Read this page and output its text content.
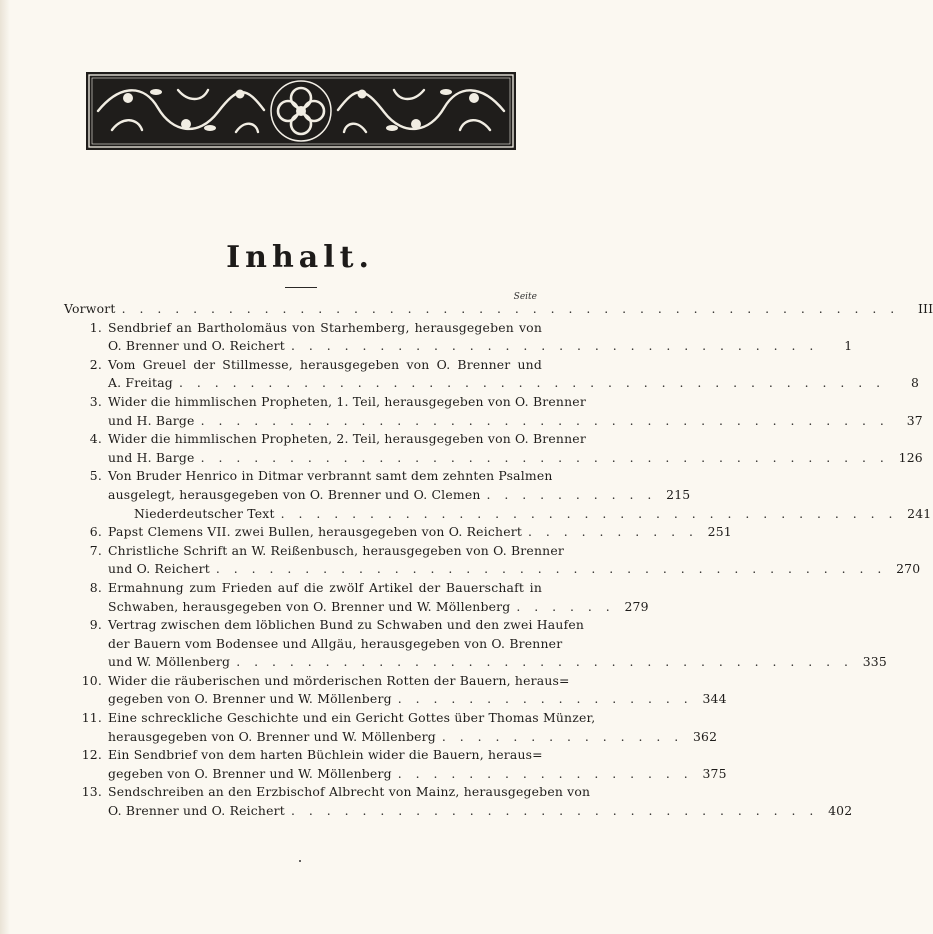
Inhalt.
Seite
Vorwort . . . . . . . . . . . . . . . . . . . . . . . . . . . . . . . . . . . . . . . . . . . .	III
1. Sendbrief an Bartholomäus von Starhemberg, herausgegeben von
O. Brenner und O. Reichert . . . . . . . . . . . . . . . . . . . . . . . . . . . . . .	1
2. Vom Greuel der Stillmesse, herausgegeben von O. Brenner und
A. Freitag . . . . . . . . . . . . . . . . . . . . . . . . . . . . . . . . . . . . . . . .	8
3. Wider die himmlischen Propheten, 1. Teil, herausgegeben von O. Brenner
und H. Barge . . . . . . . . . . . . . . . . . . . . . . . . . . . . . . . . . . . . . . .	37
4. Wider die himmlischen Propheten, 2. Teil, herausgegeben von O. Brenner
und H. Barge . . . . . . . . . . . . . . . . . . . . . . . . . . . . . . . . . . . . . . . 126
5. Von Bruder Henrico in Ditmar verbrannt samt dem zehnten Psalmen
ausgelegt, herausgegeben von O. Brenner und O. Clemen . . . . . . . . . . 215
Niederdeutscher Text . . . . . . . . . . . . . . . . . . . . . . . . . . . . . . . . . . . 241
6. Papst Clemens VII. zwei Bullen, herausgegeben von O. Reichert . . . . . . . . . . 251
7. Christliche Schrift an W. Reißenbusch, herausgegeben von O. Brenner
und O. Reichert . . . . . . . . . . . . . . . . . . . . . . . . . . . . . . . . . . . . . . 270
8. Ermahnung zum Frieden auf die zwölf Artikel der Bauerschaft in
Schwaben, herausgegeben von O. Brenner und W. Möllenberg . . . . . . 279
9. Vertrag zwischen dem löblichen Bund zu Schwaben und den zwei Haufen
der Bauern vom Bodensee und Allgäu, herausgegeben von O. Brenner
und W. Möllenberg . . . . . . . . . . . . . . . . . . . . . . . . . . . . . . . . . . . 335
10. Wider die räuberischen und mörderischen Rotten der Bauern, heraus=
gegeben von O. Brenner und W. Möllenberg . . . . . . . . . . . . . . . . . 344
11. Eine schreckliche Geschichte und ein Gericht Gottes über Thomas Münzer,
herausgegeben von O. Brenner und W. Möllenberg . . . . . . . . . . . . . . 362
12. Ein Sendbrief von dem harten Büchlein wider die Bauern, heraus=
gegeben von O. Brenner und W. Möllenberg . . . . . . . . . . . . . . . . . 375
13. Sendschreiben an den Erzbischof Albrecht von Mainz, herausgegeben von
O. Brenner und O. Reichert . . . . . . . . . . . . . . . . . . . . . . . . . . . . . . 402
